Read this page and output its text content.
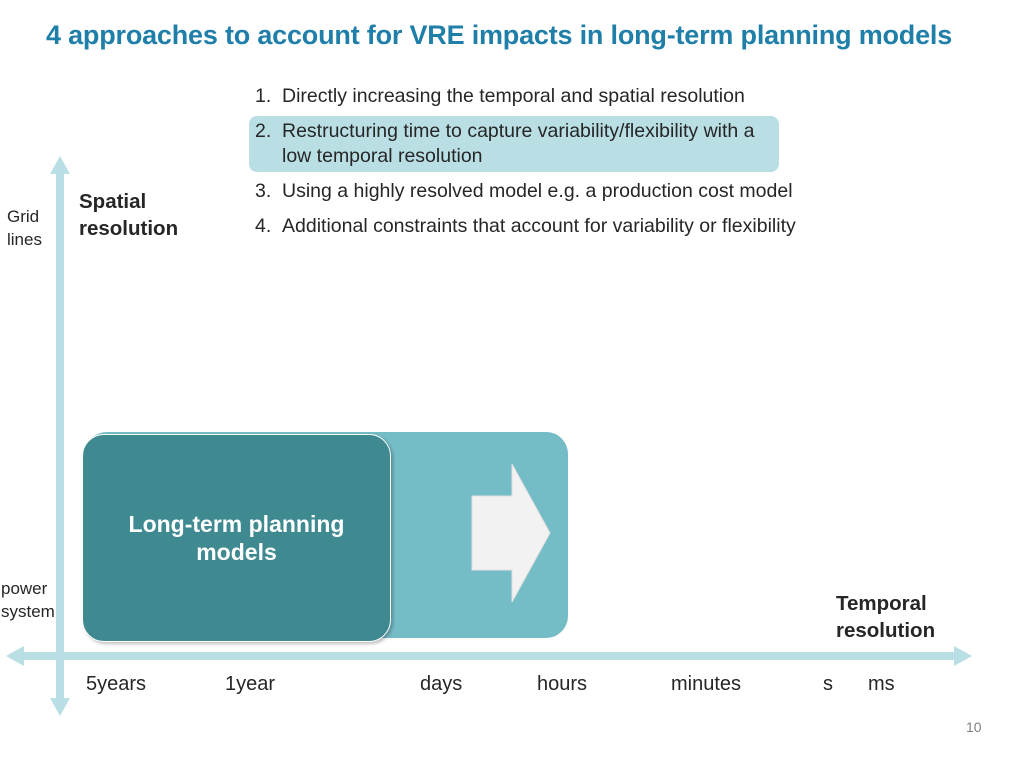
4 approaches to account for VRE impacts in long-term planning models
1. Directly increasing the temporal and spatial resolution
2. Restructuring time to capture variability/flexibility with a low temporal resolution
3. Using a highly resolved model e.g. a production cost model
4. Additional constraints that account for variability or flexibility
Grid lines
power system
Spatial resolution
Temporal resolution
Long-term planning models
5years	1year	days	hours	minutes	s ms
10
